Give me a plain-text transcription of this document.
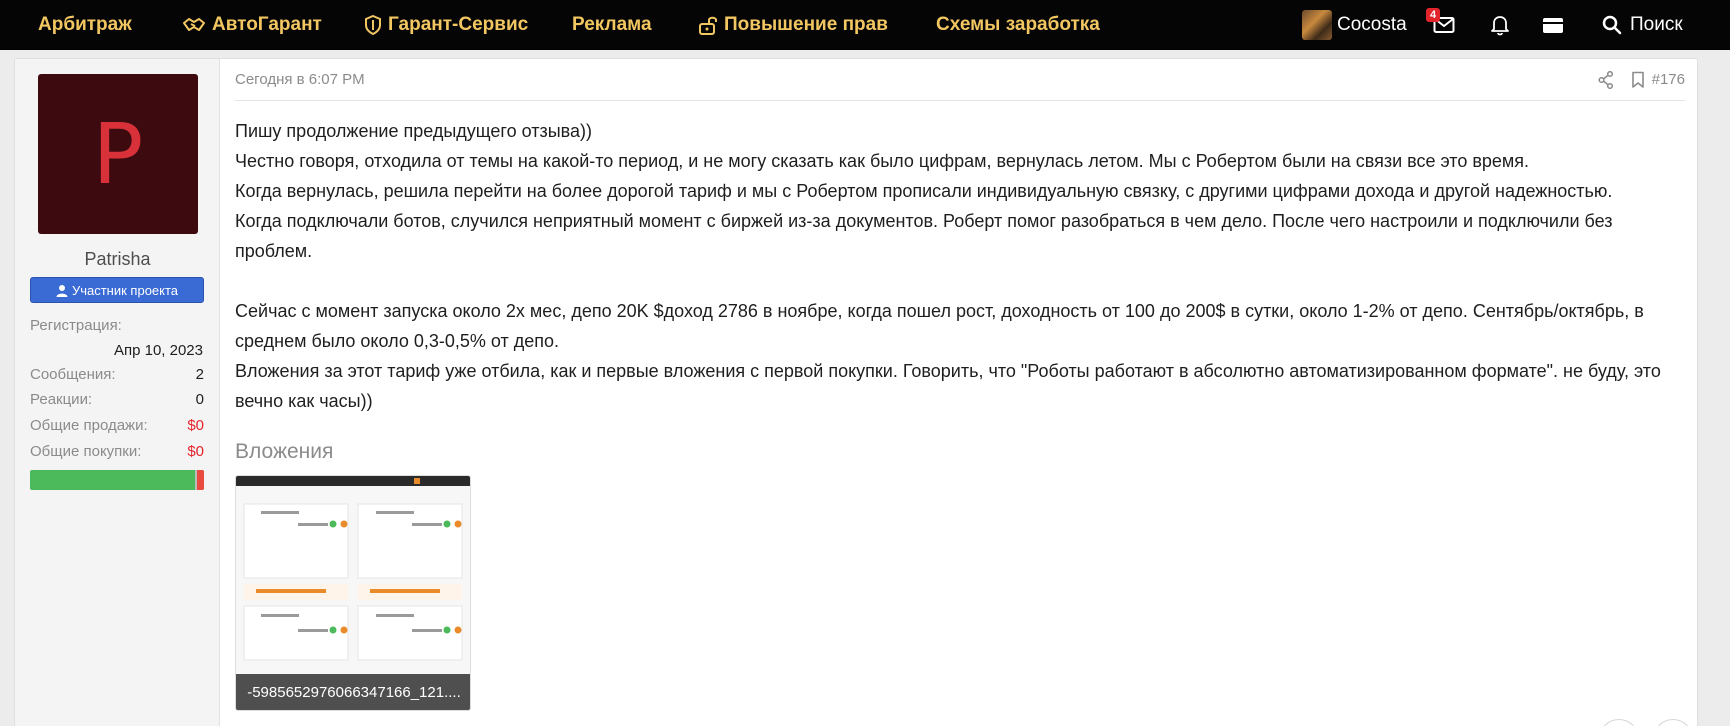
Арбитраж	АвтоГарант	Гарант-Сервис Реклама	Повышение прав	Схемы заработка	Cocosta	4	Поиск
P
Patrisha
Участник проекта
Регистрация:
Апр 10, 2023
Сообщения:	2
Реакции:	0
Общие продажи:	$0
Общие покупки:	$0
Сегодня в 6:07 PM	#176

Пишу продолжение предыдущего отзыва))

Честно говоря, отходила от темы на какой-то период, и не могу сказать как было цифрам, вернулась летом. Мы с Робертом были на связи все это время.

Когда вернулась, решила перейти на более дорогой тариф и мы с Робертом прописали индивидуальную связку, с другими цифрами дохода и другой надежностью.

Когда подключали ботов, случился неприятный момент с биржей из-за документов. Роберт помог разобраться в чем дело. После чего настроили и подключили без проблем.

Сейчас с момент запуска около 2х мес, депо 20K $доход 2786 в ноябре, когда пошел рост, доходность от 100 до 200$ в сутки, около 1-2% от депо. Сентябрь/октябрь, в среднем было около 0,3-0,5% от депо.

Вложения за этот тариф уже отбила, как и первые вложения с первой покупки. Говорить, что "Роботы работают в абсолютно автоматизированном формате". не буду, это вечно как часы))

Вложения
-5985652976066347166_121....
